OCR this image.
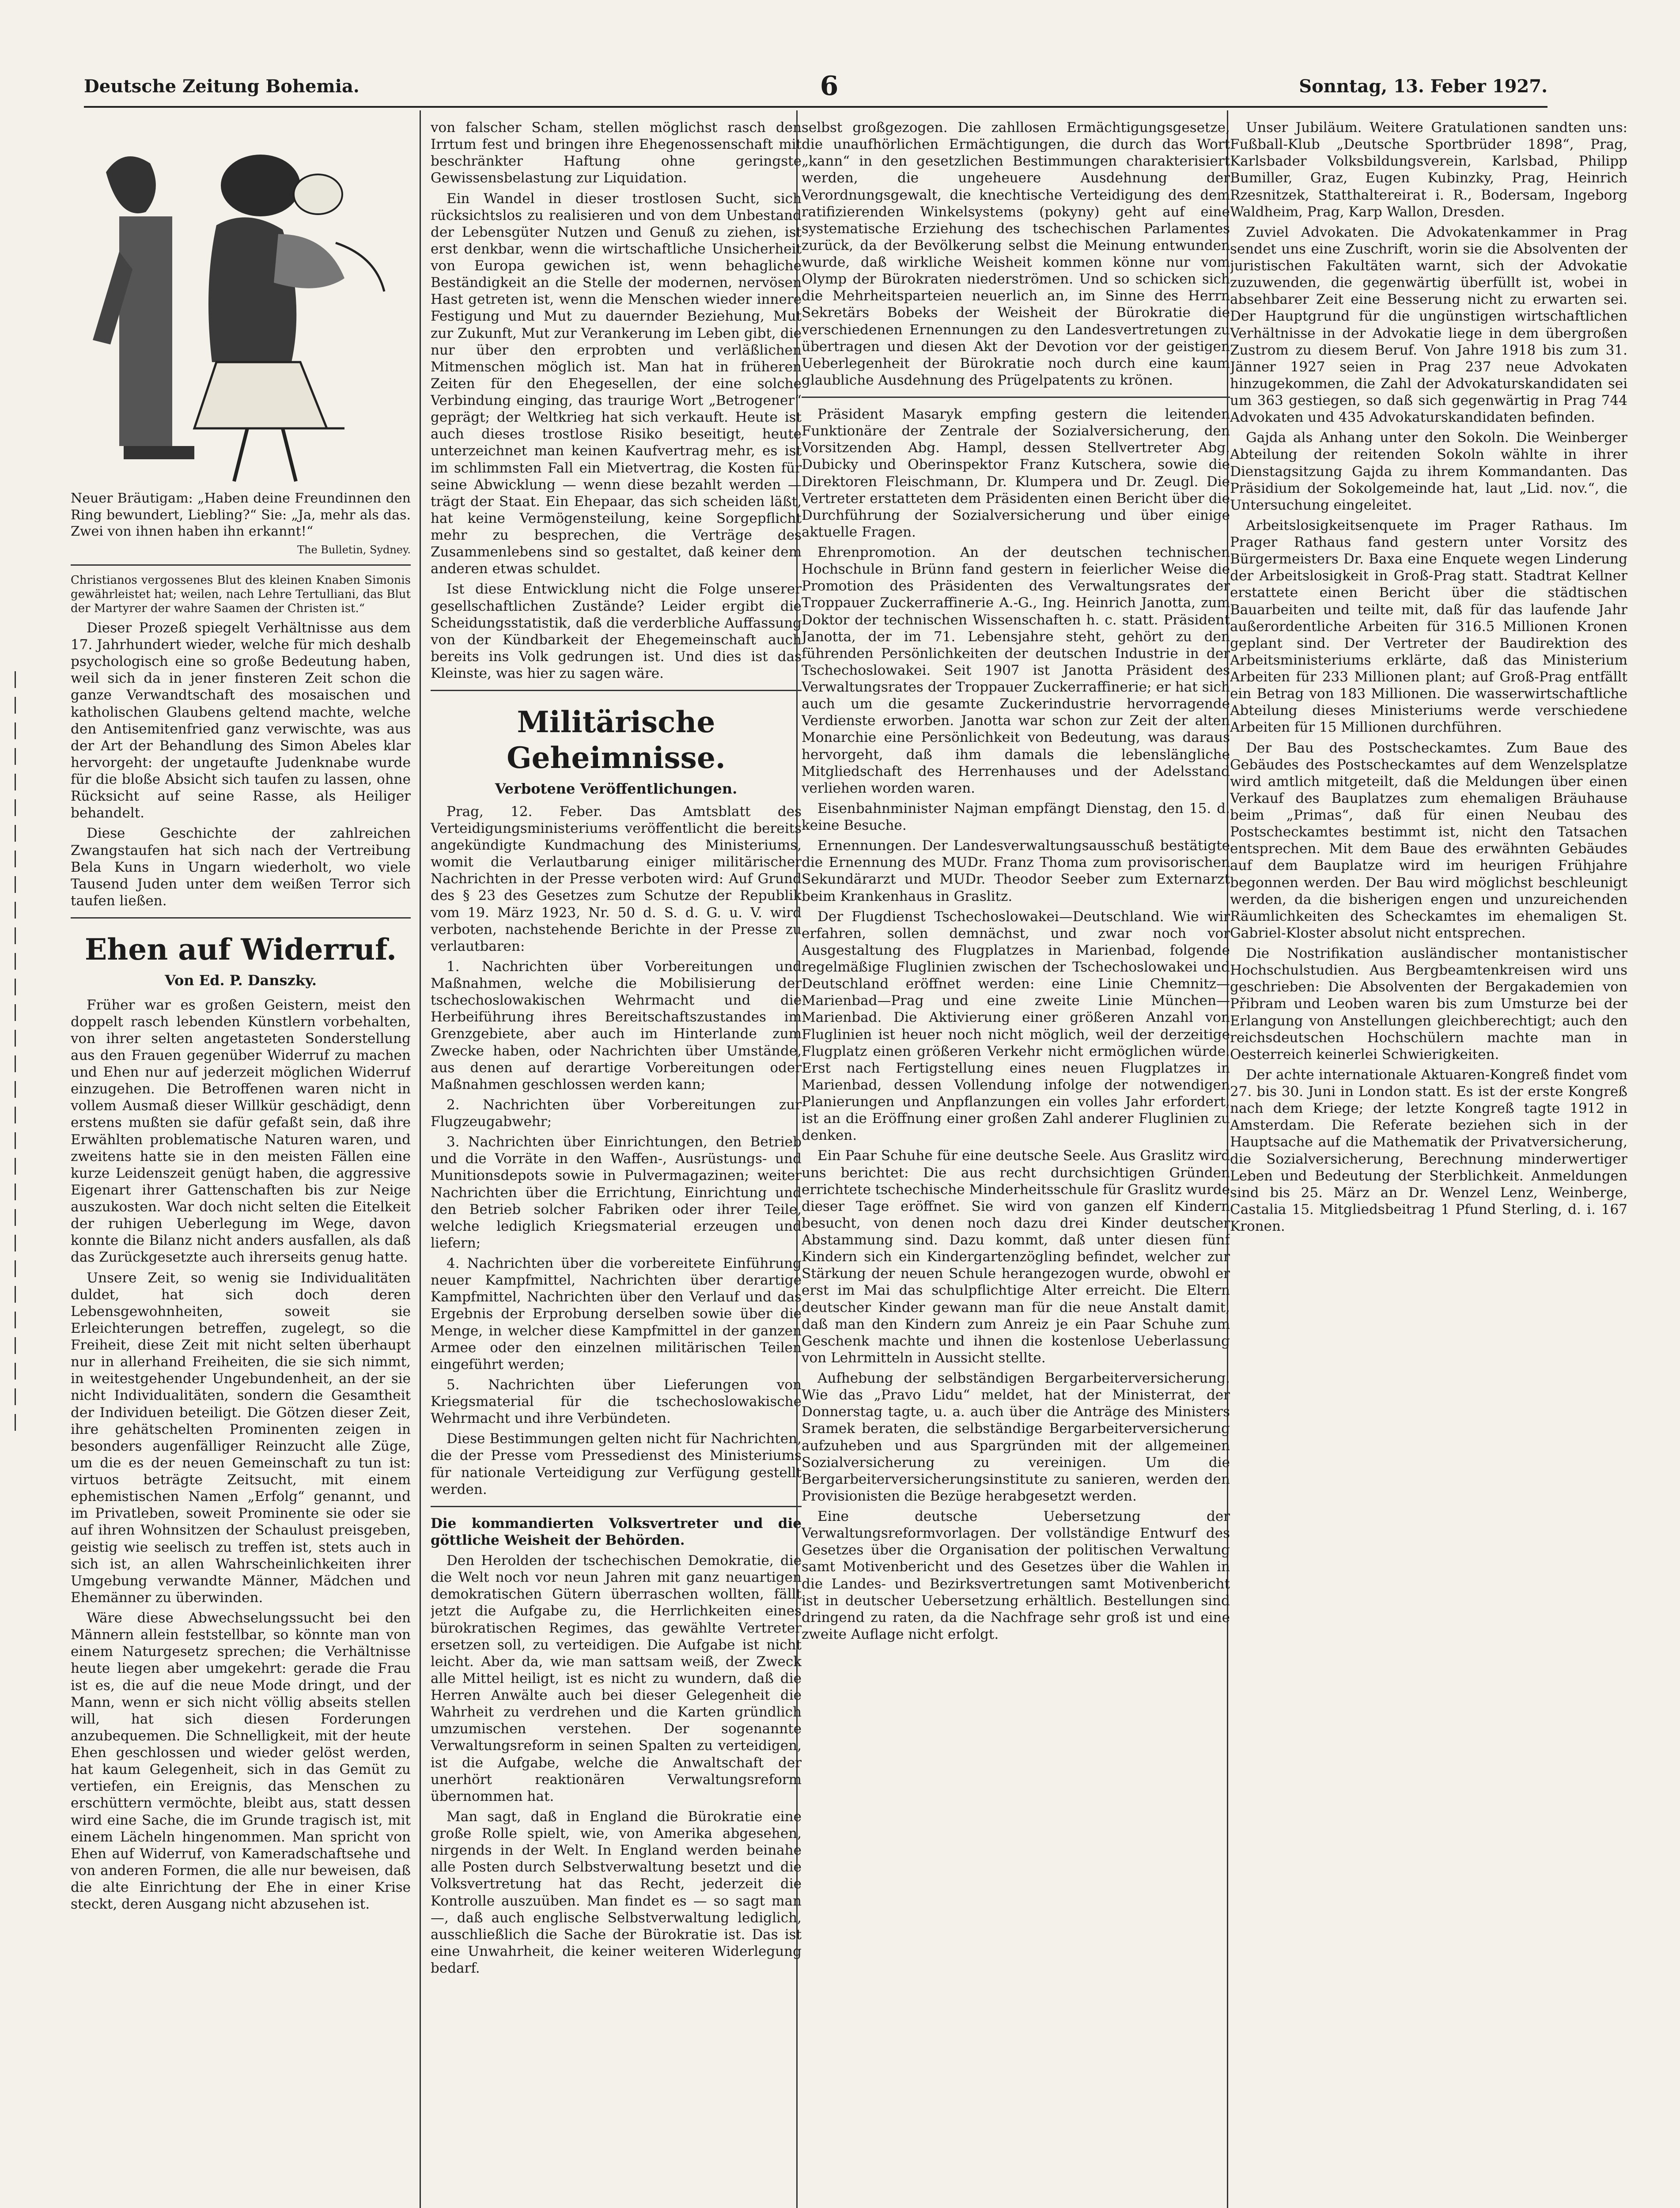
Deutsche Zeitung Bohemia.	6	Sonntag, 13. Feber 1927.

Neuer Bräutigam: „Haben deine Freundinnen den Ring bewundert, Liebling?“ Sie: „Ja, mehr als das. Zwei von ihnen haben ihn erkannt!“

The Bulletin, Sydney.

Christianos vergossenes Blut des kleinen Knaben Simonis gewährleistet hat; weilen, nach Lehre Tertulliani, das Blut der Martyrer der wahre Saamen der Christen ist.“

Dieser Prozeß spiegelt Verhältnisse aus dem 17. Jahrhundert wieder, welche für mich deshalb psychologisch eine so große Bedeutung haben, weil sich da in jener finsteren Zeit schon die ganze Verwandtschaft des mosaischen und katholischen Glaubens geltend machte, welche den Antisemitenfried ganz verwischte, was aus der Art der Behandlung des Simon Abeles klar hervorgeht: der ungetaufte Judenknabe wurde für die bloße Absicht sich taufen zu lassen, ohne Rücksicht auf seine Rasse, als Heiliger behandelt.

Diese Geschichte der zahlreichen Zwangstaufen hat sich nach der Vertreibung Bela Kuns in Ungarn wiederholt, wo viele Tausend Juden unter dem weißen Terror sich taufen ließen.

Ehen auf Widerruf.
Von Ed. P. Danszky.

Früher war es großen Geistern, meist den doppelt rasch lebenden Künstlern vorbehalten, von ihrer selten angetasteten Sonderstellung aus den Frauen gegenüber Widerruf zu machen und Ehen nur auf jederzeit möglichen Widerruf einzugehen. Die Betroffenen waren nicht in vollem Ausmaß dieser Willkür geschädigt, denn erstens mußten sie dafür gefaßt sein, daß ihre Erwählten problematische Naturen waren, und zweitens hatte sie in den meisten Fällen eine kurze Leidenszeit genügt haben, die aggressive Eigenart ihrer Gattenschaften bis zur Neige auszukosten. War doch nicht selten die Eitelkeit der ruhigen Ueberlegung im Wege, davon konnte die Bilanz nicht anders ausfallen, als daß das Zurückgesetzte auch ihrerseits genug hatte.

Unsere Zeit, so wenig sie Individualitäten duldet, hat sich doch deren Lebensgewohnheiten, soweit sie Erleichterungen betreffen, zugelegt, so die Freiheit, diese Zeit mit nicht selten überhaupt nur in allerhand Freiheiten, die sie sich nimmt, in weitestgehender Ungebundenheit, an der sie nicht Individualitäten, sondern die Gesamtheit der Individuen beteiligt. Die Götzen dieser Zeit, ihre gehätschelten Prominenten zeigen in besonders augenfälliger Reinzucht alle Züge, um die es der neuen Gemeinschaft zu tun ist: virtuos beträgte Zeitsucht, mit einem ephemistischen Namen „Erfolg“ genannt, und im Privatleben, soweit Prominente sie oder sie auf ihren Wohnsitzen der Schaulust preisgeben, geistig wie seelisch zu treffen ist, stets auch in sich ist, an allen Wahrscheinlichkeiten ihrer Umgebung verwandte Männer, Mädchen und Ehemänner zu überwinden.

Wäre diese Abwechselungssucht bei den Männern allein feststellbar, so könnte man von einem Naturgesetz sprechen; die Verhältnisse heute liegen aber umgekehrt: gerade die Frau ist es, die auf die neue Mode dringt, und der Mann, wenn er sich nicht völlig abseits stellen will, hat sich diesen Forderungen anzubequemen. Die Schnelligkeit, mit der heute Ehen geschlossen und wieder gelöst werden, hat kaum Gelegenheit, sich in das Gemüt zu vertiefen, ein Ereignis, das Menschen zu erschüttern vermöchte, bleibt aus, statt dessen wird eine Sache, die im Grunde tragisch ist, mit einem Lächeln hingenommen. Man spricht von Ehen auf Widerruf, von Kameradschaftsehe und von anderen Formen, die alle nur beweisen, daß die alte Einrichtung der Ehe in einer Krise steckt, deren Ausgang nicht abzusehen ist.

von falscher Scham, stellen möglichst rasch den Irrtum fest und bringen ihre Ehegenossenschaft mit beschränkter Haftung ohne geringste Gewissensbelastung zur Liquidation.

Ein Wandel in dieser trostlosen Sucht, sich rücksichtslos zu realisieren und von dem Unbestand der Lebensgüter Nutzen und Genuß zu ziehen, ist erst denkbar, wenn die wirtschaftliche Unsicherheit von Europa gewichen ist, wenn behagliche Beständigkeit an die Stelle der modernen, nervösen Hast getreten ist, wenn die Menschen wieder innere Festigung und Mut zu dauernder Beziehung, Mut zur Zukunft, Mut zur Verankerung im Leben gibt, die nur über den erprobten und verläßlichen Mitmenschen möglich ist. Man hat in früheren Zeiten für den Ehegesellen, der eine solche Verbindung einging, das traurige Wort „Betrogener“ geprägt; der Weltkrieg hat sich verkauft. Heute ist auch dieses trostlose Risiko beseitigt, heute unterzeichnet man keinen Kaufvertrag mehr, es ist im schlimmsten Fall ein Mietvertrag, die Kosten für seine Abwicklung — wenn diese bezahlt werden — trägt der Staat. Ein Ehepaar, das sich scheiden läßt, hat keine Vermögensteilung, keine Sorgepflicht mehr zu besprechen, die Verträge des Zusammenlebens sind so gestaltet, daß keiner dem anderen etwas schuldet.

Ist diese Entwicklung nicht die Folge unserer gesellschaftlichen Zustände? Leider ergibt die Scheidungsstatistik, daß die verderbliche Auffassung von der Kündbarkeit der Ehegemeinschaft auch bereits ins Volk gedrungen ist. Und dies ist das Kleinste, was hier zu sagen wäre.

Militärische Geheimnisse.
Verbotene Veröffentlichungen.

Prag, 12. Feber. Das Amtsblatt des Verteidigungsministeriums veröffentlicht die bereits angekündigte Kundmachung des Ministeriums, womit die Verlautbarung einiger militärischer Nachrichten in der Presse verboten wird: Auf Grund des § 23 des Gesetzes zum Schutze der Republik vom 19. März 1923, Nr. 50 d. S. d. G. u. V. wird verboten, nachstehende Berichte in der Presse zu verlautbaren:

1. Nachrichten über Vorbereitungen und Maßnahmen, welche die Mobilisierung der tschechoslowakischen Wehrmacht und die Herbeiführung ihres Bereitschaftszustandes im Grenzgebiete, aber auch im Hinterlande zum Zwecke haben, oder Nachrichten über Umstände, aus denen auf derartige Vorbereitungen oder Maßnahmen geschlossen werden kann;

2. Nachrichten über Vorbereitungen zur Flugzeugabwehr;

3. Nachrichten über Einrichtungen, den Betrieb und die Vorräte in den Waffen-, Ausrüstungs- und Munitionsdepots sowie in Pulvermagazinen; weiter Nachrichten über die Errichtung, Einrichtung und den Betrieb solcher Fabriken oder ihrer Teile, welche lediglich Kriegsmaterial erzeugen und liefern;

4. Nachrichten über die vorbereitete Einführung neuer Kampfmittel, Nachrichten über derartige Kampfmittel, Nachrichten über den Verlauf und das Ergebnis der Erprobung derselben sowie über die Menge, in welcher diese Kampfmittel in der ganzen Armee oder den einzelnen militärischen Teilen eingeführt werden;

5. Nachrichten über Lieferungen von Kriegsmaterial für die tschechoslowakische Wehrmacht und ihre Verbündeten.

Diese Bestimmungen gelten nicht für Nachrichten, die der Presse vom Pressedienst des Ministeriums für nationale Verteidigung zur Verfügung gestellt werden.

Die kommandierten Volksvertreter und die göttliche Weisheit der Behörden.

Den Herolden der tschechischen Demokratie, die die Welt noch vor neun Jahren mit ganz neuartigen demokratischen Gütern überraschen wollten, fällt jetzt die Aufgabe zu, die Herrlichkeiten eines bürokratischen Regimes, das gewählte Vertreter ersetzen soll, zu verteidigen. Die Aufgabe ist nicht leicht. Aber da, wie man sattsam weiß, der Zweck alle Mittel heiligt, ist es nicht zu wundern, daß die Herren Anwälte auch bei dieser Gelegenheit die Wahrheit zu verdrehen und die Karten gründlich umzumischen verstehen. Der sogenannte Verwaltungsreform in seinen Spalten zu verteidigen, ist die Aufgabe, welche die Anwaltschaft der unerhört reaktionären Verwaltungsreform übernommen hat.

Man sagt, daß in England die Bürokratie eine große Rolle spielt, wie, von Amerika abgesehen, nirgends in der Welt. In England werden beinahe alle Posten durch Selbstverwaltung besetzt und die Volksvertretung hat das Recht, jederzeit die Kontrolle auszuüben. Man findet es — so sagt man —, daß auch englische Selbstverwaltung lediglich, ausschließlich die Sache der Bürokratie ist. Das ist eine Unwahrheit, die keiner weiteren Widerlegung bedarf.

selbst großgezogen. Die zahllosen Ermächtigungsgesetze, die unaufhörlichen Ermächtigungen, die durch das Wort „kann“ in den gesetzlichen Bestimmungen charakterisiert werden, die ungeheuere Ausdehnung der Verordnungsgewalt, die knechtische Verteidigung des dem ratifizierenden Winkelsystems (pokyny) geht auf eine systematische Erziehung des tschechischen Parlamentes zurück, da der Bevölkerung selbst die Meinung entwunden wurde, daß wirkliche Weisheit kommen könne nur vom Olymp der Bürokraten niederströmen. Und so schicken sich die Mehrheitsparteien neuerlich an, im Sinne des Herrn Sekretärs Bobeks der Weisheit der Bürokratie die verschiedenen Ernennungen zu den Landesvertretungen zu übertragen und diesen Akt der Devotion vor der geistigen Ueberlegenheit der Bürokratie noch durch eine kaum glaubliche Ausdehnung des Prügelpatents zu krönen.

Präsident Masaryk empfing gestern die leitenden Funktionäre der Zentrale der Sozialversicherung, den Vorsitzenden Abg. Hampl, dessen Stellvertreter Abg. Dubicky und Oberinspektor Franz Kutschera, sowie die Direktoren Fleischmann, Dr. Klumpera und Dr. Zeugl. Die Vertreter erstatteten dem Präsidenten einen Bericht über die Durchführung der Sozialversicherung und über einige aktuelle Fragen.

Ehrenpromotion. An der deutschen technischen Hochschule in Brünn fand gestern in feierlicher Weise die Promotion des Präsidenten des Verwaltungsrates der Troppauer Zuckerraffinerie A.-G., Ing. Heinrich Janotta, zum Doktor der technischen Wissenschaften h. c. statt. Präsident Janotta, der im 71. Lebensjahre steht, gehört zu den führenden Persönlichkeiten der deutschen Industrie in der Tschechoslowakei. Seit 1907 ist Janotta Präsident des Verwaltungsrates der Troppauer Zuckerraffinerie; er hat sich auch um die gesamte Zuckerindustrie hervorragende Verdienste erworben. Janotta war schon zur Zeit der alten Monarchie eine Persönlichkeit von Bedeutung, was daraus hervorgeht, daß ihm damals die lebenslängliche Mitgliedschaft des Herrenhauses und der Adelsstand verliehen worden waren.

Eisenbahnminister Najman empfängt Dienstag, den 15. d. keine Besuche.

Ernennungen. Der Landesverwaltungsausschuß bestätigte die Ernennung des MUDr. Franz Thoma zum provisorischen Sekundärarzt und MUDr. Theodor Seeber zum Externarzt beim Krankenhaus in Graslitz.

Der Flugdienst Tschechoslowakei—Deutschland. Wie wir erfahren, sollen demnächst, und zwar noch vor Ausgestaltung des Flugplatzes in Marienbad, folgende regelmäßige Fluglinien zwischen der Tschechoslowakei und Deutschland eröffnet werden: eine Linie Chemnitz—Marienbad—Prag und eine zweite Linie München—Marienbad. Die Aktivierung einer größeren Anzahl von Fluglinien ist heuer noch nicht möglich, weil der derzeitige Flugplatz einen größeren Verkehr nicht ermöglichen würde. Erst nach Fertigstellung eines neuen Flugplatzes in Marienbad, dessen Vollendung infolge der notwendigen Planierungen und Anpflanzungen ein volles Jahr erfordert, ist an die Eröffnung einer großen Zahl anderer Fluglinien zu denken.

Ein Paar Schuhe für eine deutsche Seele. Aus Graslitz wird uns berichtet: Die aus recht durchsichtigen Gründen errichtete tschechische Minderheitsschule für Graslitz wurde dieser Tage eröffnet. Sie wird von ganzen elf Kindern besucht, von denen noch dazu drei Kinder deutscher Abstammung sind. Dazu kommt, daß unter diesen fünf Kindern sich ein Kindergartenzögling befindet, welcher zur Stärkung der neuen Schule herangezogen wurde, obwohl er erst im Mai das schulpflichtige Alter erreicht. Die Eltern deutscher Kinder gewann man für die neue Anstalt damit, daß man den Kindern zum Anreiz je ein Paar Schuhe zum Geschenk machte und ihnen die kostenlose Ueberlassung von Lehrmitteln in Aussicht stellte.

Aufhebung der selbständigen Bergarbeiterversicherung. Wie das „Pravo Lidu“ meldet, hat der Ministerrat, der Donnerstag tagte, u. a. auch über die Anträge des Ministers Sramek beraten, die selbständige Bergarbeiterversicherung aufzuheben und aus Spargründen mit der allgemeinen Sozialversicherung zu vereinigen. Um die Bergarbeiterversicherungsinstitute zu sanieren, werden den Provisionisten die Bezüge herabgesetzt werden.

Eine deutsche Uebersetzung der Verwaltungsreformvorlagen. Der vollständige Entwurf des Gesetzes über die Organisation der politischen Verwaltung samt Motivenbericht und des Gesetzes über die Wahlen in die Landes- und Bezirksvertretungen samt Motivenbericht ist in deutscher Uebersetzung erhältlich. Bestellungen sind dringend zu raten, da die Nachfrage sehr groß ist und eine zweite Auflage nicht erfolgt.

Unser Jubiläum. Weitere Gratulationen sandten uns: Fußball-Klub „Deutsche Sportbrüder 1898“, Prag, Karlsbader Volksbildungsverein, Karlsbad, Philipp Bumiller, Graz, Eugen Kubinzky, Prag, Heinrich Rzesnitzek, Statthaltereirat i. R., Bodersam, Ingeborg Waldheim, Prag, Karp Wallon, Dresden.

Zuviel Advokaten. Die Advokatenkammer in Prag sendet uns eine Zuschrift, worin sie die Absolventen der juristischen Fakultäten warnt, sich der Advokatie zuzuwenden, die gegenwärtig überfüllt ist, wobei in absehbarer Zeit eine Besserung nicht zu erwarten sei. Der Hauptgrund für die ungünstigen wirtschaftlichen Verhältnisse in der Advokatie liege in dem übergroßen Zustrom zu diesem Beruf. Von Jahre 1918 bis zum 31. Jänner 1927 seien in Prag 237 neue Advokaten hinzugekommen, die Zahl der Advokaturskandidaten sei um 363 gestiegen, so daß sich gegenwärtig in Prag 744 Advokaten und 435 Advokaturskandidaten befinden.

Gajda als Anhang unter den Sokoln. Die Weinberger Abteilung der reitenden Sokoln wählte in ihrer Dienstagsitzung Gajda zu ihrem Kommandanten. Das Präsidium der Sokolgemeinde hat, laut „Lid. nov.“, die Untersuchung eingeleitet.

Arbeitslosigkeitsenquete im Prager Rathaus. Im Prager Rathaus fand gestern unter Vorsitz des Bürgermeisters Dr. Baxa eine Enquete wegen Linderung der Arbeitslosigkeit in Groß-Prag statt. Stadtrat Kellner erstattete einen Bericht über die städtischen Bauarbeiten und teilte mit, daß für das laufende Jahr außerordentliche Arbeiten für 316.5 Millionen Kronen geplant sind. Der Vertreter der Baudirektion des Arbeitsministeriums erklärte, daß das Ministerium Arbeiten für 233 Millionen plant; auf Groß-Prag entfällt ein Betrag von 183 Millionen. Die wasserwirtschaftliche Abteilung dieses Ministeriums werde verschiedene Arbeiten für 15 Millionen durchführen.

Der Bau des Postscheckamtes. Zum Baue des Gebäudes des Postscheckamtes auf dem Wenzelsplatze wird amtlich mitgeteilt, daß die Meldungen über einen Verkauf des Bauplatzes zum ehemaligen Bräuhause beim „Primas“, daß für einen Neubau des Postscheckamtes bestimmt ist, nicht den Tatsachen entsprechen. Mit dem Baue des erwähnten Gebäudes auf dem Bauplatze wird im heurigen Frühjahre begonnen werden. Der Bau wird möglichst beschleunigt werden, da die bisherigen engen und unzureichenden Räumlichkeiten des Scheckamtes im ehemaligen St. Gabriel-Kloster absolut nicht entsprechen.

Die Nostrifikation ausländischer montanistischer Hochschulstudien. Aus Bergbeamtenkreisen wird uns geschrieben: Die Absolventen der Bergakademien von Přibram und Leoben waren bis zum Umsturze bei der Erlangung von Anstellungen gleichberechtigt; auch den reichsdeutschen Hochschülern machte man in Oesterreich keinerlei Schwierigkeiten.

Der achte internationale Aktuaren-Kongreß findet vom 27. bis 30. Juni in London statt. Es ist der erste Kongreß nach dem Kriege; der letzte Kongreß tagte 1912 in Amsterdam. Die Referate beziehen sich in der Hauptsache auf die Mathematik der Privatversicherung, die Sozialversicherung, Berechnung minderwertiger Leben und Bedeutung der Sterblichkeit. Anmeldungen sind bis 25. März an Dr. Wenzel Lenz, Weinberge, Castalia 15. Mitgliedsbeitrag 1 Pfund Sterling, d. i. 167 Kronen.
